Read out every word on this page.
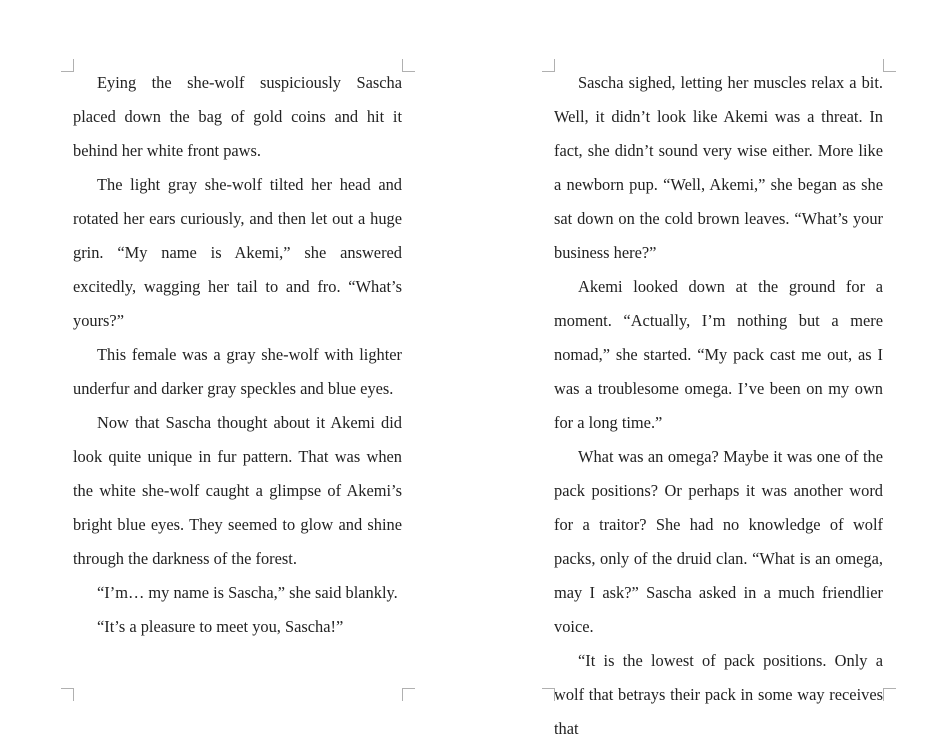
Eying the she-wolf suspiciously Sascha placed down the bag of gold coins and hit it behind her white front paws.

The light gray she-wolf tilted her head and rotated her ears curiously, and then let out a huge grin. “My name is Akemi,” she answered excitedly, wagging her tail to and fro. “What’s yours?”

This female was a gray she-wolf with lighter underfur and darker gray speckles and blue eyes.

Now that Sascha thought about it Akemi did look quite unique in fur pattern. That was when the white she-wolf caught a glimpse of Akemi’s bright blue eyes. They seemed to glow and shine through the darkness of the forest.

“I’m… my name is Sascha,” she said blankly.

“It’s a pleasure to meet you, Sascha!”

Sascha sighed, letting her muscles relax a bit. Well, it didn’t look like Akemi was a threat. In fact, she didn’t sound very wise either. More like a newborn pup. “Well, Akemi,” she began as she sat down on the cold brown leaves. “What’s your business here?”

Akemi looked down at the ground for a moment. “Actually, I’m nothing but a mere nomad,” she started. “My pack cast me out, as I was a troublesome omega. I’ve been on my own for a long time.”

What was an omega? Maybe it was one of the pack positions? Or perhaps it was another word for a traitor? She had no knowledge of wolf packs, only of the druid clan. “What is an omega, may I ask?” Sascha asked in a much friendlier voice.

“It is the lowest of pack positions. Only a wolf that betrays their pack in some way receives that
